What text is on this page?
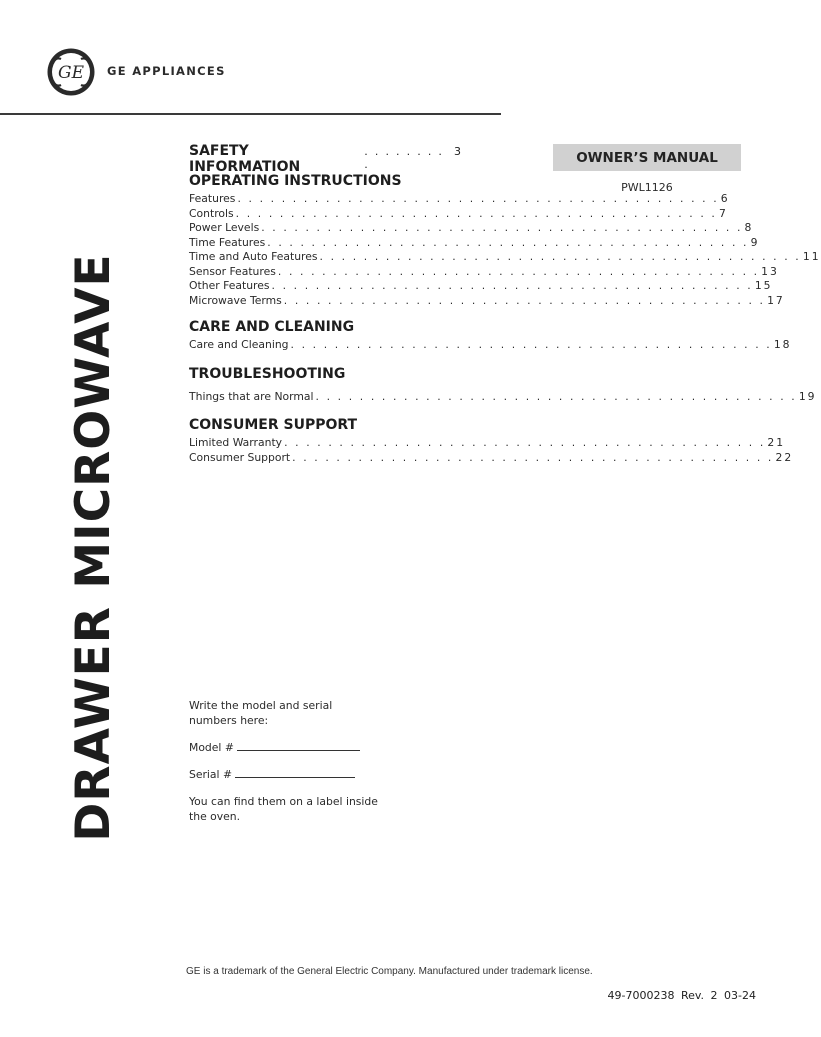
GE GE APPLIANCES
DRAWER MICROWAVE
SAFETY INFORMATION
. . . . . . . . .
3
OPERATING INSTRUCTIONS
Features . . . . . . . . . . . . . . . . . . . . . . . . . . . . . . . . . . . . . . . . . . . . 6
Controls . . . . . . . . . . . . . . . . . . . . . . . . . . . . . . . . . . . . . . . . . . . . 7
Power Levels . . . . . . . . . . . . . . . . . . . . . . . . . . . . . . . . . . . . . . . . . . . . 8
Time Features . . . . . . . . . . . . . . . . . . . . . . . . . . . . . . . . . . . . . . . . . . . . 9
Time and Auto Features . . . . . . . . . . . . . . . . . . . . . . . . . . . . . . . . . . . . . . . . . . . . 11
Sensor Features . . . . . . . . . . . . . . . . . . . . . . . . . . . . . . . . . . . . . . . . . . . . 13
Other Features . . . . . . . . . . . . . . . . . . . . . . . . . . . . . . . . . . . . . . . . . . . . 15
Microwave Terms . . . . . . . . . . . . . . . . . . . . . . . . . . . . . . . . . . . . . . . . . . . . 17
CARE AND CLEANING
Care and Cleaning . . . . . . . . . . . . . . . . . . . . . . . . . . . . . . . . . . . . . . . . . . . . 18
TROUBLESHOOTING
Things that are Normal . . . . . . . . . . . . . . . . . . . . . . . . . . . . . . . . . . . . . . . . . . . . 19
CONSUMER SUPPORT
Limited Warranty . . . . . . . . . . . . . . . . . . . . . . . . . . . . . . . . . . . . . . . . . . . . 21
Consumer Support . . . . . . . . . . . . . . . . . . . . . . . . . . . . . . . . . . . . . . . . . . . . 22
OWNER’S MANUAL
PWL1126

Write the model and serial

numbers here:

Model #

Serial #

You can find them on a label inside

the oven.

GE is a trademark of the General Electric Company. Manufactured under trademark license.
49-7000238 Rev. 2 03-24
